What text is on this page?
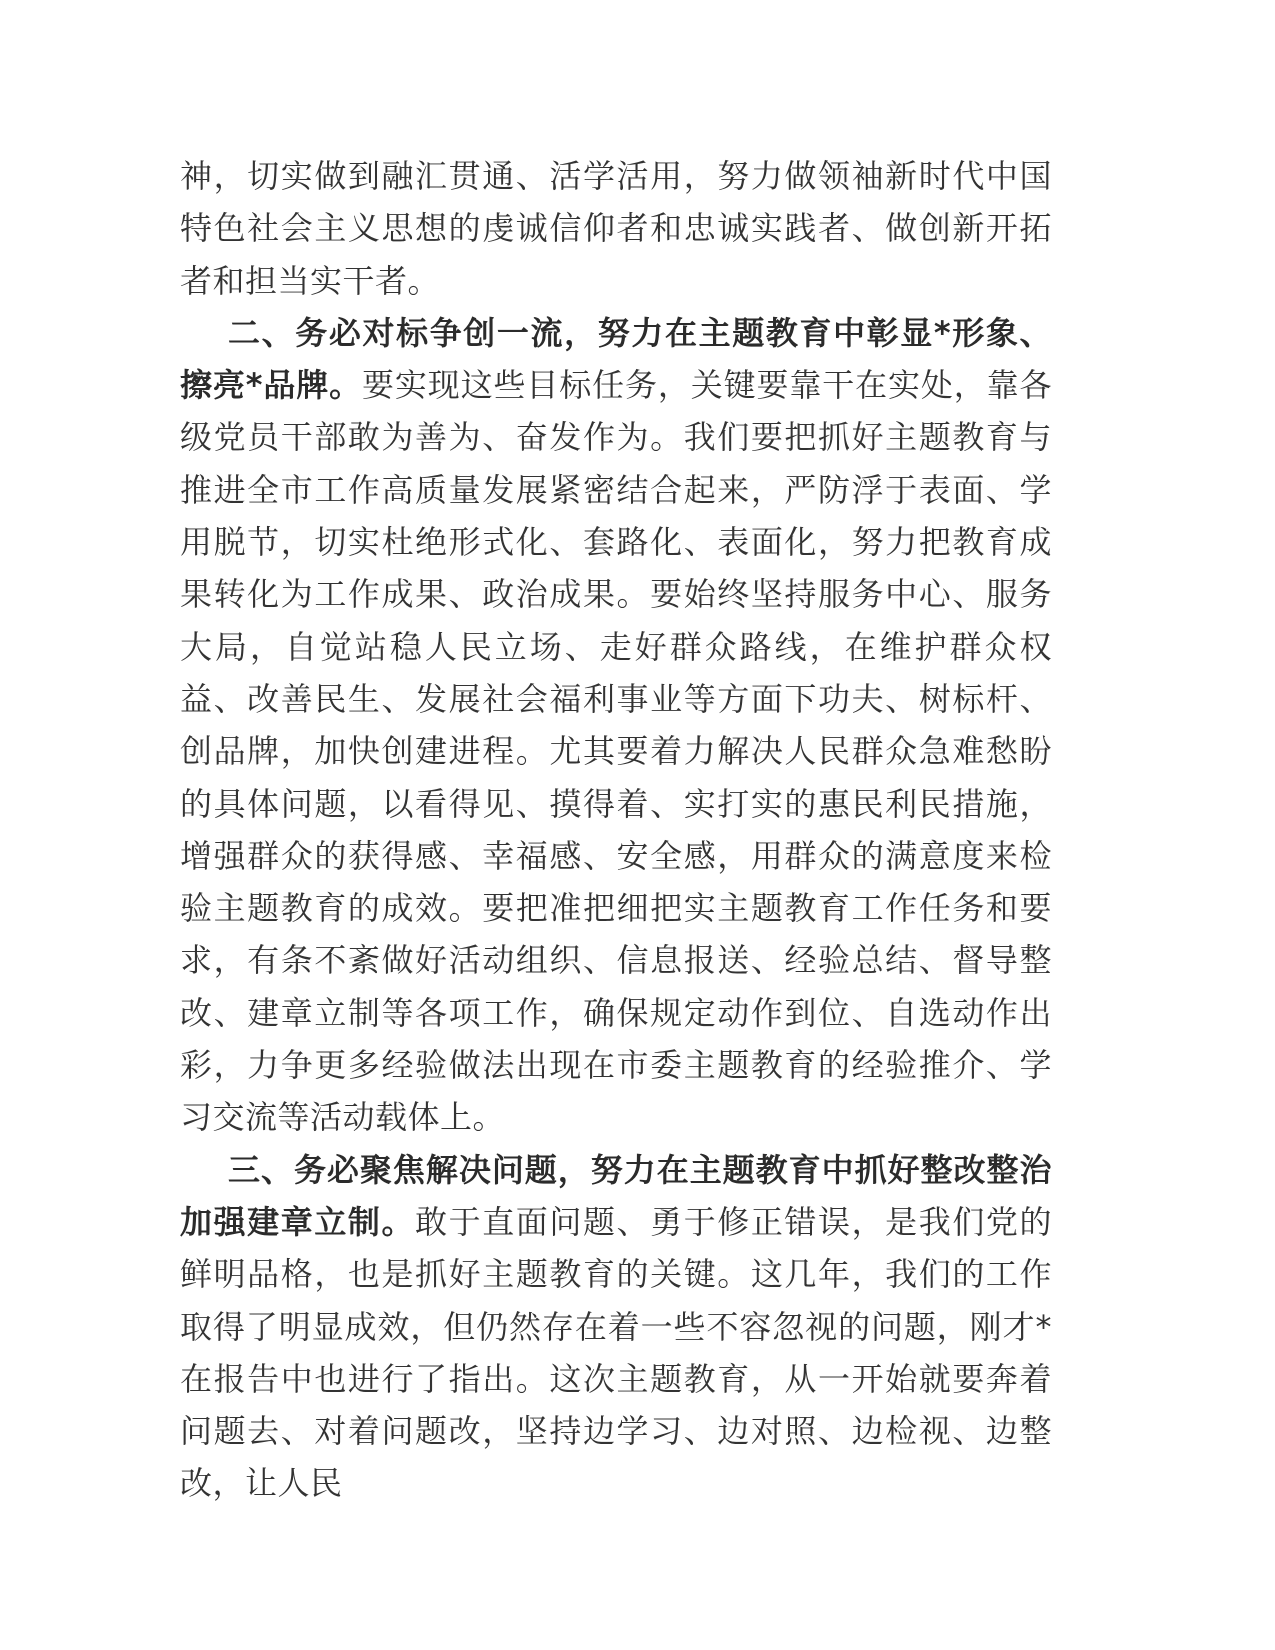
神，切实做到融汇贯通、活学活用，努力做领袖新时代中国特色社会主义思想的虔诚信仰者和忠诚实践者、做创新开拓者和担当实干者。

二、务必对标争创一流，努力在主题教育中彰显*形象、擦亮*品牌。要实现这些目标任务，关键要靠干在实处，靠各级党员干部敢为善为、奋发作为。我们要把抓好主题教育与推进全市工作高质量发展紧密结合起来，严防浮于表面、学用脱节，切实杜绝形式化、套路化、表面化，努力把教育成果转化为工作成果、政治成果。要始终坚持服务中心、服务大局，自觉站稳人民立场、走好群众路线，在维护群众权益、改善民生、发展社会福利事业等方面下功夫、树标杆、创品牌，加快创建进程。尤其要着力解决人民群众急难愁盼的具体问题，以看得见、摸得着、实打实的惠民利民措施，增强群众的获得感、幸福感、安全感，用群众的满意度来检验主题教育的成效。要把准把细把实主题教育工作任务和要求，有条不紊做好活动组织、信息报送、经验总结、督导整改、建章立制等各项工作，确保规定动作到位、自选动作出彩，力争更多经验做法出现在市委主题教育的经验推介、学习交流等活动载体上。

三、务必聚焦解决问题，努力在主题教育中抓好整改整治加强建章立制。敢于直面问题、勇于修正错误，是我们党的鲜明品格，也是抓好主题教育的关键。这几年，我们的工作取得了明显成效，但仍然存在着一些不容忽视的问题，刚才*在报告中也进行了指出。这次主题教育，从一开始就要奔着问题去、对着问题改，坚持边学习、边对照、边检视、边整改，让人民
